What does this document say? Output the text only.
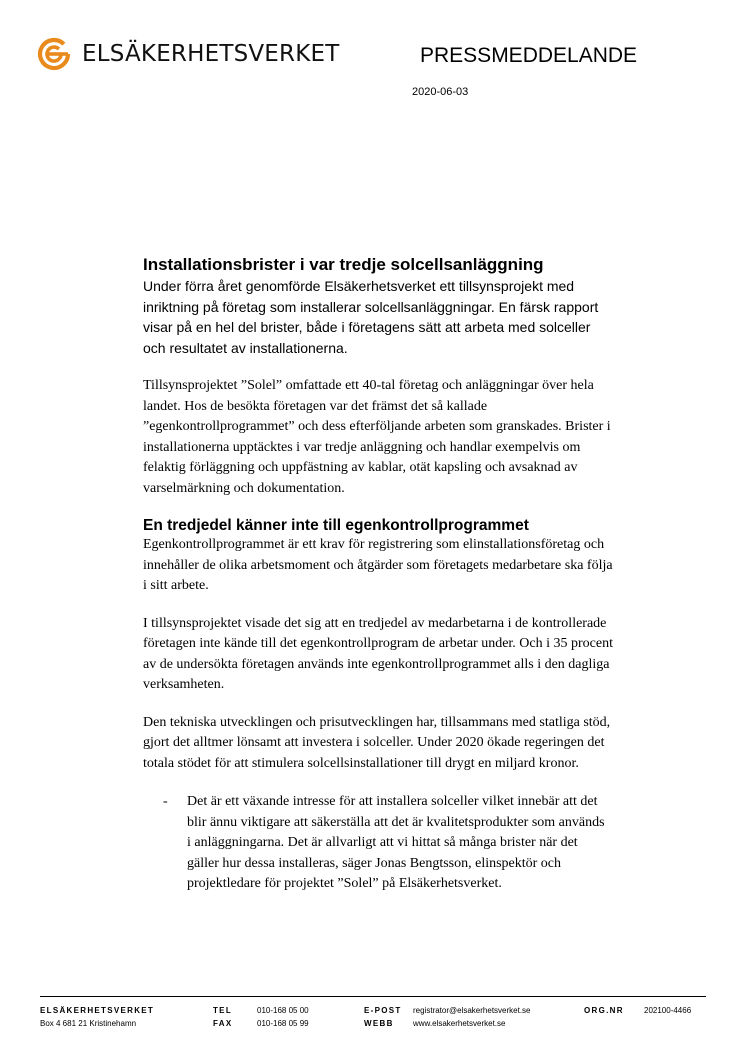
ELSÄKERHETSVERKET	PRESSMEDDELANDE
2020-06-03
Installationsbrister i var tredje solcellsanläggning

Under förra året genomförde Elsäkerhetsverket ett tillsynsprojekt med inriktning på företag som installerar solcellsanläggningar. En färsk rapport visar på en hel del brister, både i företagens sätt att arbeta med solceller och resultatet av installationerna.

Tillsynsprojektet ”Solel” omfattade ett 40-tal företag och anläggningar över hela landet. Hos de besökta företagen var det främst det så kallade ”egenkontrollprogrammet” och dess efterföljande arbeten som granskades. Brister i installationerna upptäcktes i var tredje anläggning och handlar exempelvis om felaktig förläggning och uppfästning av kablar, otät kapsling och avsaknad av varselmärkning och dokumentation.

En tredjedel känner inte till egenkontrollprogrammet

Egenkontrollprogrammet är ett krav för registrering som elinstallationsföretag och innehåller de olika arbetsmoment och åtgärder som företagets medarbetare ska följa i sitt arbete.

I tillsynsprojektet visade det sig att en tredjedel av medarbetarna i de kontrollerade företagen inte kände till det egenkontrollprogram de arbetar under. Och i 35 procent av de undersökta företagen används inte egenkontrollprogrammet alls i den dagliga verksamheten.

Den tekniska utvecklingen och prisutvecklingen har, tillsammans med statliga stöd, gjort det alltmer lönsamt att investera i solceller. Under 2020 ökade regeringen det totala stödet för att stimulera solcellsinstallationer till drygt en miljard kronor.

- Det är ett växande intresse för att installera solceller vilket innebär att det blir ännu viktigare att säkerställa att det är kvalitetsprodukter som används i anläggningarna. Det är allvarligt att vi hittat så många brister när det gäller hur dessa installeras, säger Jonas Bengtsson, elinspektör och projektledare för projektet ”Solel” på Elsäkerhetsverket.
ELSÄKERHETSVERKET
Box 4 681 21 Kristinehamn
TEL
FAX
010-168 05 00
010-168 05 99
E-POST
WEBB
registrator@elsakerhetsverket.se
www.elsakerhetsverket.se
ORG.NR	202100-4466
